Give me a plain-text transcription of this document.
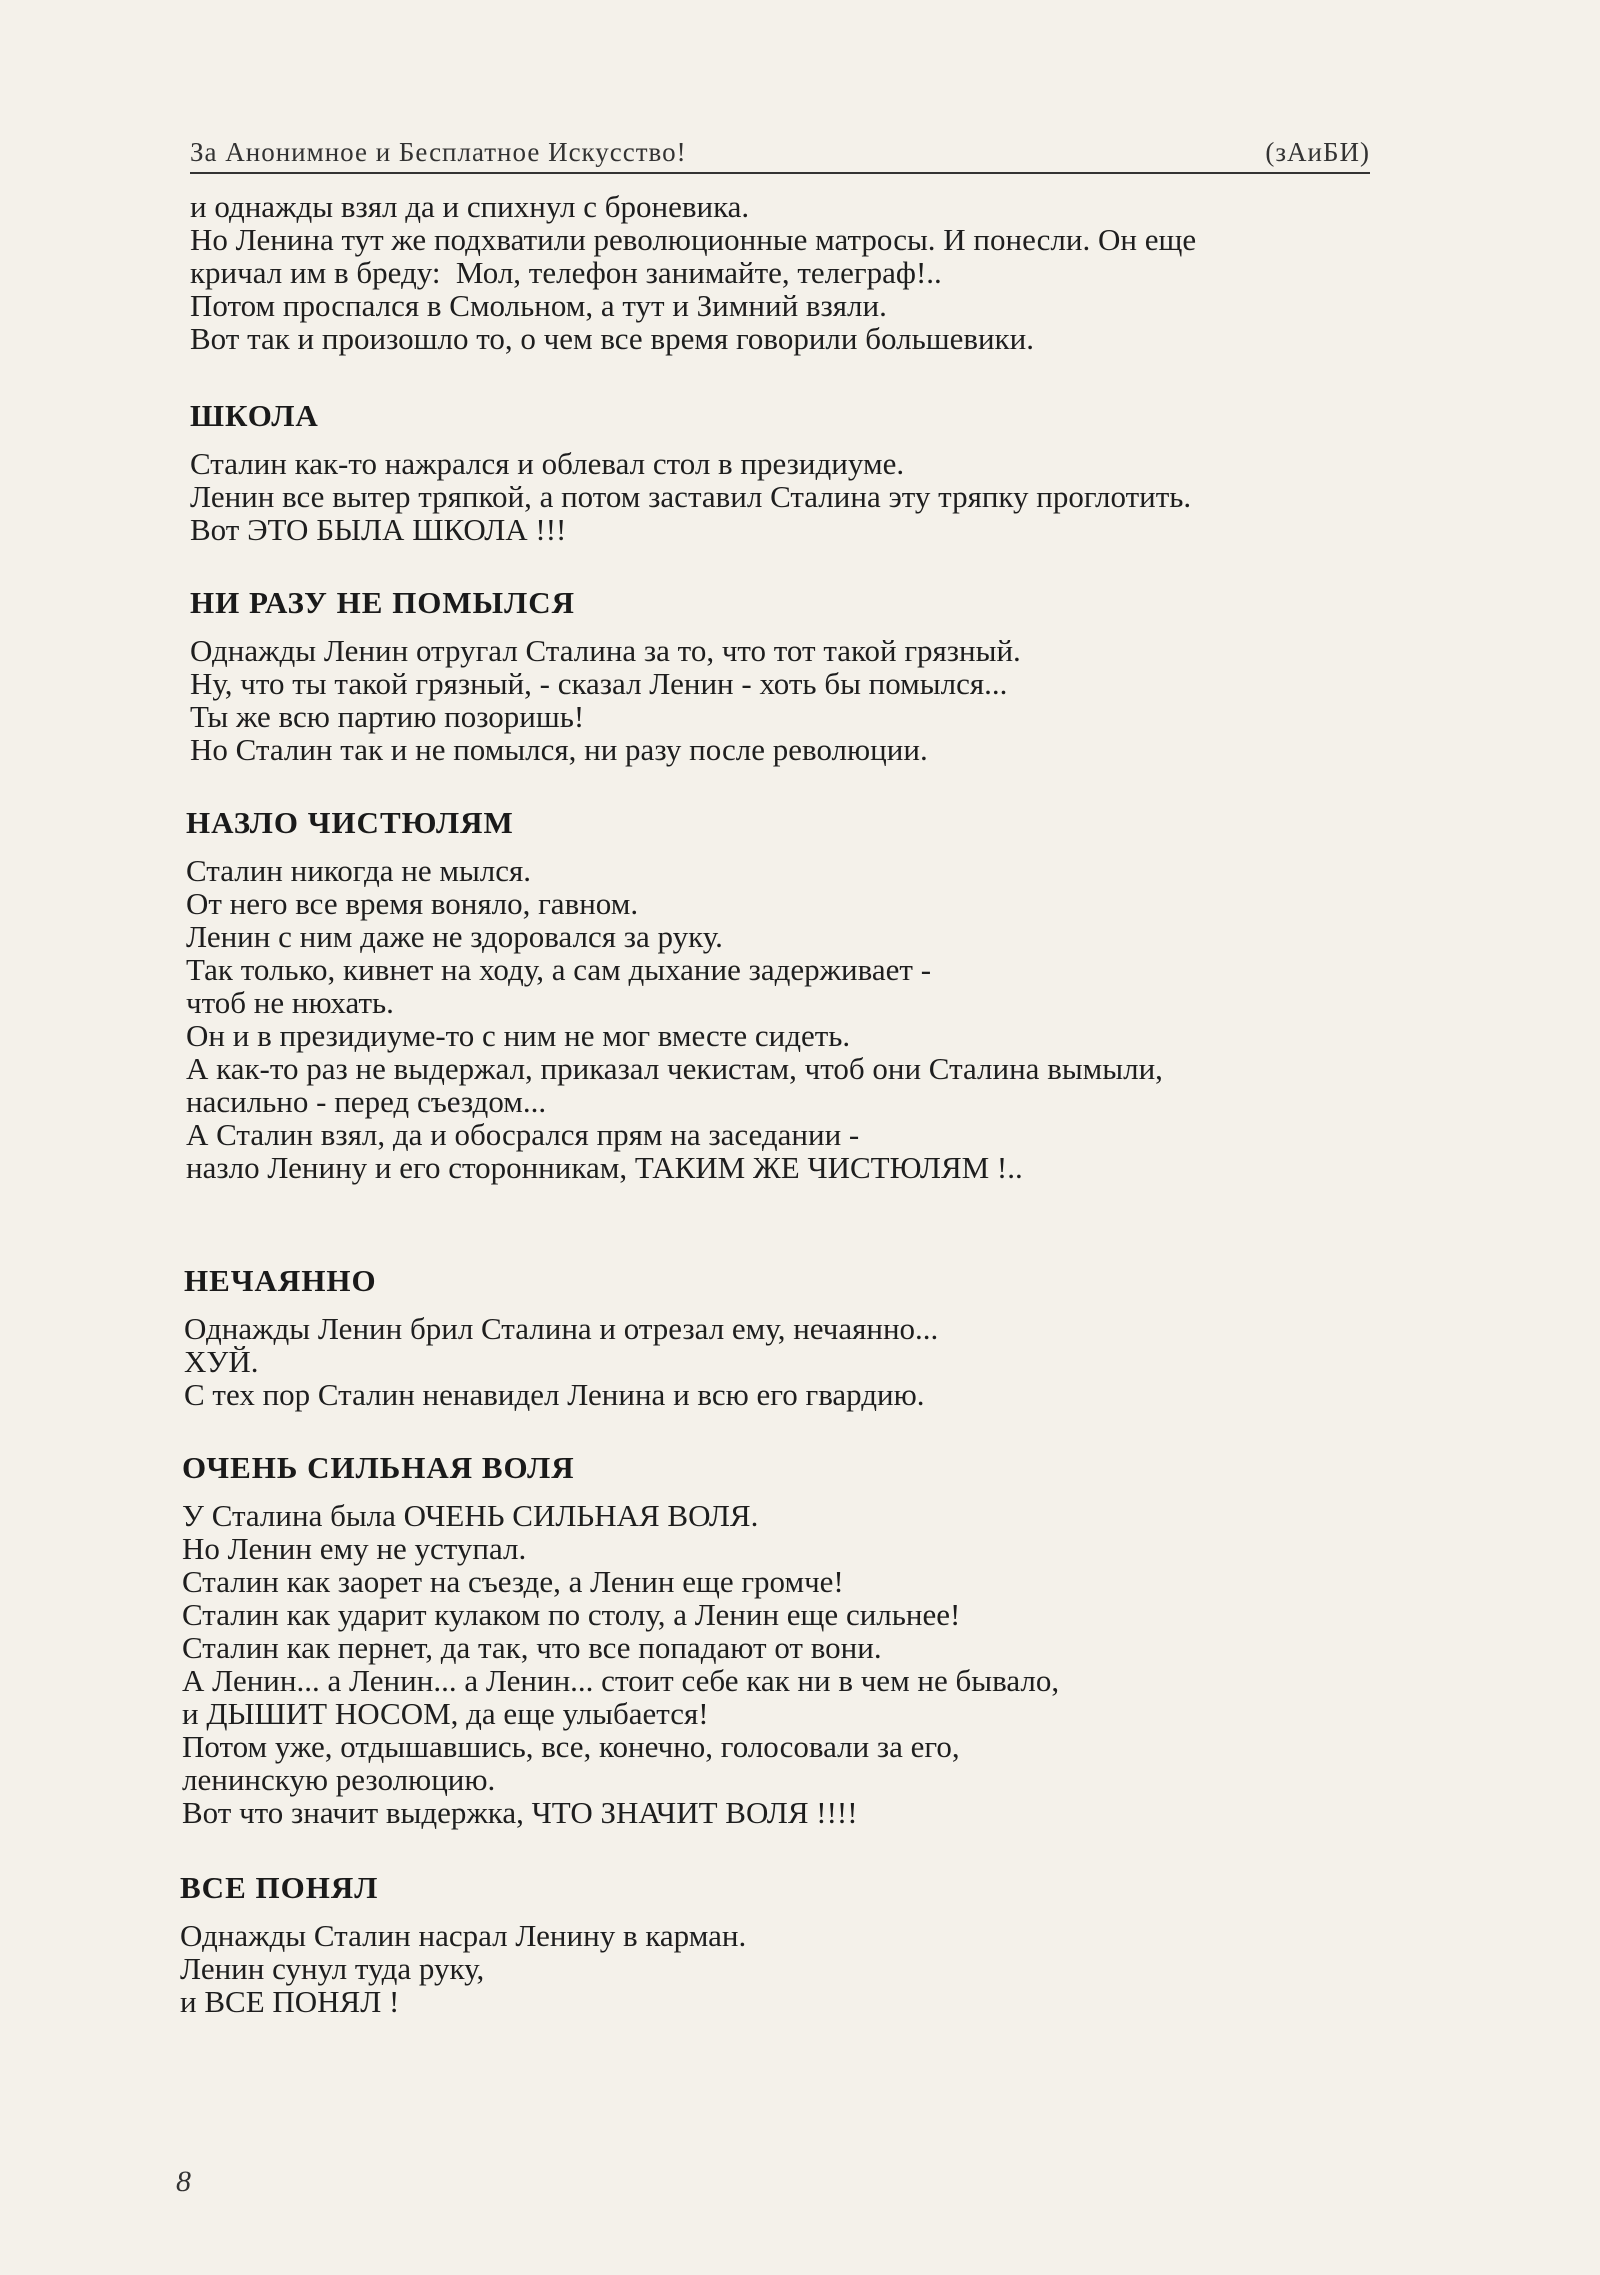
За Анонимное и Бесплатное Искусство!	(зАиБИ)
и однажды взял да и спихнул с броневика.
Но Ленина тут же подхватили революционные матросы. И понесли. Он еще
кричал им в бреду:  Мол, телефон занимайте, телеграф!..
Потом проспался в Смольном, а тут и Зимний взяли.
Вот так и произошло то, о чем все время говорили большевики.
ШКОЛА
Сталин как-то нажрался и облевал стол в президиуме.
Ленин все вытер тряпкой, а потом заставил Сталина эту тряпку проглотить.
Вот ЭТО БЫЛА ШКОЛА !!!
НИ РАЗУ НЕ ПОМЫЛСЯ
Однажды Ленин отругал Сталина за то, что тот такой грязный.
Ну, что ты такой грязный, - сказал Ленин - хоть бы помылся...
Ты же всю партию позоришь!
Но Сталин так и не помылся, ни разу после революции.
НАЗЛО ЧИСТЮЛЯМ
Сталин никогда не мылся.
От него все время воняло, гавном.
Ленин с ним даже не здоровался за руку.
Так только, кивнет на ходу, а сам дыхание задерживает -
чтоб не нюхать.
Он и в президиуме-то с ним не мог вместе сидеть.
А как-то раз не выдержал, приказал чекистам, чтоб они Сталина вымыли,
насильно - перед съездом...
А Сталин взял, да и обосрался прям на заседании -
назло Ленину и его сторонникам, ТАКИМ ЖЕ ЧИСТЮЛЯМ !..
НЕЧАЯННО
Однажды Ленин брил Сталина и отрезал ему, нечаянно...
ХУЙ.
С тех пор Сталин ненавидел Ленина и всю его гвардию.
ОЧЕНЬ СИЛЬНАЯ ВОЛЯ
У Сталина была ОЧЕНЬ СИЛЬНАЯ ВОЛЯ.
Но Ленин ему не уступал.
Сталин как заорет на съезде, а Ленин еще громче!
Сталин как ударит кулаком по столу, а Ленин еще сильнее!
Сталин как пернет, да так, что все попадают от вони.
А Ленин... а Ленин... а Ленин... стоит себе как ни в чем не бывало,
и ДЫШИТ НОСОМ, да еще улыбается!
Потом уже, отдышавшись, все, конечно, голосовали за его,
ленинскую резолюцию.
Вот что значит выдержка, ЧТО ЗНАЧИТ ВОЛЯ !!!!
ВСЕ ПОНЯЛ
Однажды Сталин насрал Ленину в карман.
Ленин сунул туда руку,
и ВСЕ ПОНЯЛ !
8
